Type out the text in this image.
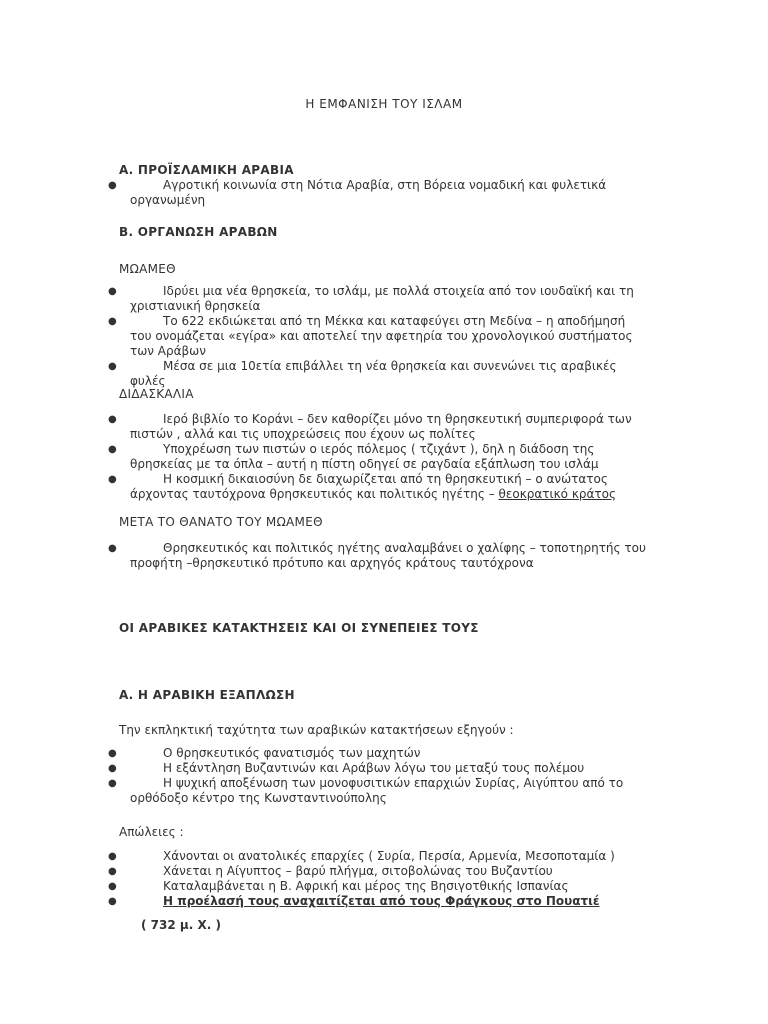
Η ΕΜΦΑΝΙΣΗ ΤΟΥ ΙΣΛΑΜ
Α. ΠΡΟΪΣΛΑΜΙΚΗ ΑΡΑΒΙΑ
●	Αγροτική κοινωνία στη Νότια Αραβία, στη Βόρεια νομαδική και φυλετικά οργανωμένη
Β. ΟΡΓΑΝΩΣΗ ΑΡΑΒΩΝ
ΜΩΑΜΕΘ
●	Ιδρύει μια νέα θρησκεία, το ισλάμ, με πολλά στοιχεία από τον ιουδαϊκή και τη χριστιανική θρησκεία
●	Το 622 εκδιώκεται από τη Μέκκα και καταφεύγει στη Μεδίνα – η αποδήμησή του ονομάζεται «εγίρα» και αποτελεί την αφετηρία του χρονολογικού συστήματος των Αράβων
●	Μέσα σε μια 10ετία επιβάλλει τη νέα θρησκεία και συνενώνει τις αραβικές φυλές
ΔΙΔΑΣΚΑΛΙΑ
●	Ιερό βιβλίο το Κοράνι – δεν καθορίζει μόνο τη θρησκευτική συμπεριφορά των πιστών , αλλά και τις υποχρεώσεις που έχουν ως πολίτες
●	Υποχρέωση των πιστών ο ιερός πόλεμος ( τζιχάντ ), δηλ η διάδοση της θρησκείας με τα όπλα – αυτή η πίστη οδηγεί σε ραγδαία εξάπλωση του ισλάμ
●	Η κοσμική δικαιοσύνη δε διαχωρίζεται από τη θρησκευτική – ο ανώτατος άρχοντας ταυτόχρονα θρησκευτικός και πολιτικός ηγέτης – θεοκρατικό κράτος
ΜΕΤΑ ΤΟ ΘΑΝΑΤΟ ΤΟΥ ΜΩΑΜΕΘ
●	Θρησκευτικός και πολιτικός ηγέτης αναλαμβάνει ο χαλίφης – τοποτηρητής του προφήτη –θρησκευτικό πρότυπο και αρχηγός κράτους ταυτόχρονα
ΟΙ ΑΡΑΒΙΚΕΣ ΚΑΤΑΚΤΗΣΕΙΣ ΚΑΙ ΟΙ ΣΥΝΕΠΕΙΕΣ ΤΟΥΣ
Α. Η ΑΡΑΒΙΚΗ ΕΞΑΠΛΩΣΗ
Την εκπληκτική ταχύτητα των αραβικών κατακτήσεων εξηγούν :
●	Ο θρησκευτικός φανατισμός των μαχητών
●	Η εξάντληση Βυζαντινών και Αράβων λόγω του μεταξύ τους πολέμου
●	Η ψυχική αποξένωση των μονοφυσιτικών επαρχιών Συρίας, Αιγύπτου από το ορθόδοξο κέντρο της Κωνσταντινούπολης
Απώλειες :
●	Χάνονται οι ανατολικές επαρχίες ( Συρία, Περσία, Αρμενία, Μεσοποταμία )
●	Χάνεται η Αίγυπτος – βαρύ πλήγμα, σιτοβολώνας του Βυζαντίου
●	Καταλαμβάνεται η Β. Αφρική και μέρος της Βησιγοτθικής Ισπανίας
●	Η προέλασή τους αναχαιτίζεται από τους Φράγκους στο Πουατιέ
( 732 μ. Χ. )
